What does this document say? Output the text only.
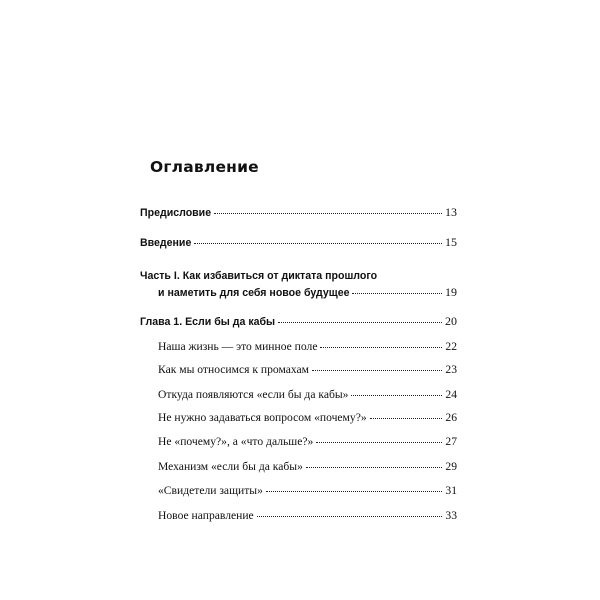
Оглавление
Предисловие	13
Введение	15
Часть I. Как избавиться от диктата прошлого
и наметить для себя новое будущее	19
Глава 1. Если бы да кабы	20
Наша жизнь — это минное поле	22
Как мы относимся к промахам	23
Откуда появляются «если бы да кабы»	24
Не нужно задаваться вопросом «почему?»	26
Не «почему?», а «что дальше?»	27
Механизм «если бы да кабы»	29
«Свидетели защиты»	31
Новое направление	33
